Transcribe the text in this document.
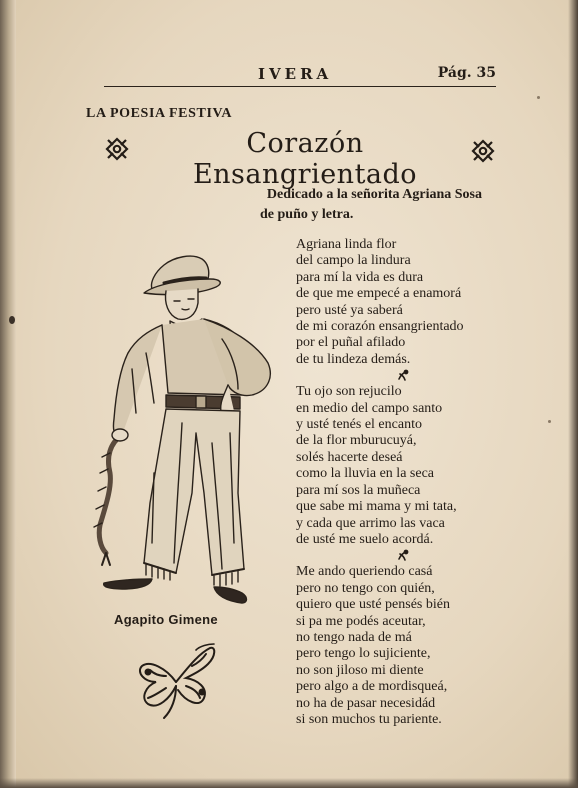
IVERA	Pág. 35
LA POESIA FESTIVA
Corazón Ensangrientado
Dedicado a la señorita Agriana Sosa
de puño y letra.
Agapito Gimene
Agriana linda flor
del campo la lindura
para mí la vida es dura
de que me empecé a enamorá
pero usté ya saberá
de mi corazón ensangrientado
por el puñal afilado
de tu lindeza demás.
Tu ojo son rejucilo
en medio del campo santo
y usté tenés el encanto
de la flor mburucuyá,
solés hacerte deseá
como la lluvia en la seca
para mí sos la muñeca
que sabe mi mama y mi tata,
y cada que arrimo las vaca
de usté me suelo acordá.
Me ando queriendo casá
pero no tengo con quién,
quiero que usté pensés bién
si pa me podés aceutar,
no tengo nada de má
pero tengo lo sujiciente,
no son jiloso mi diente
pero algo a de mordisqueá,
no ha de pasar necesidád
si son muchos tu pariente.
